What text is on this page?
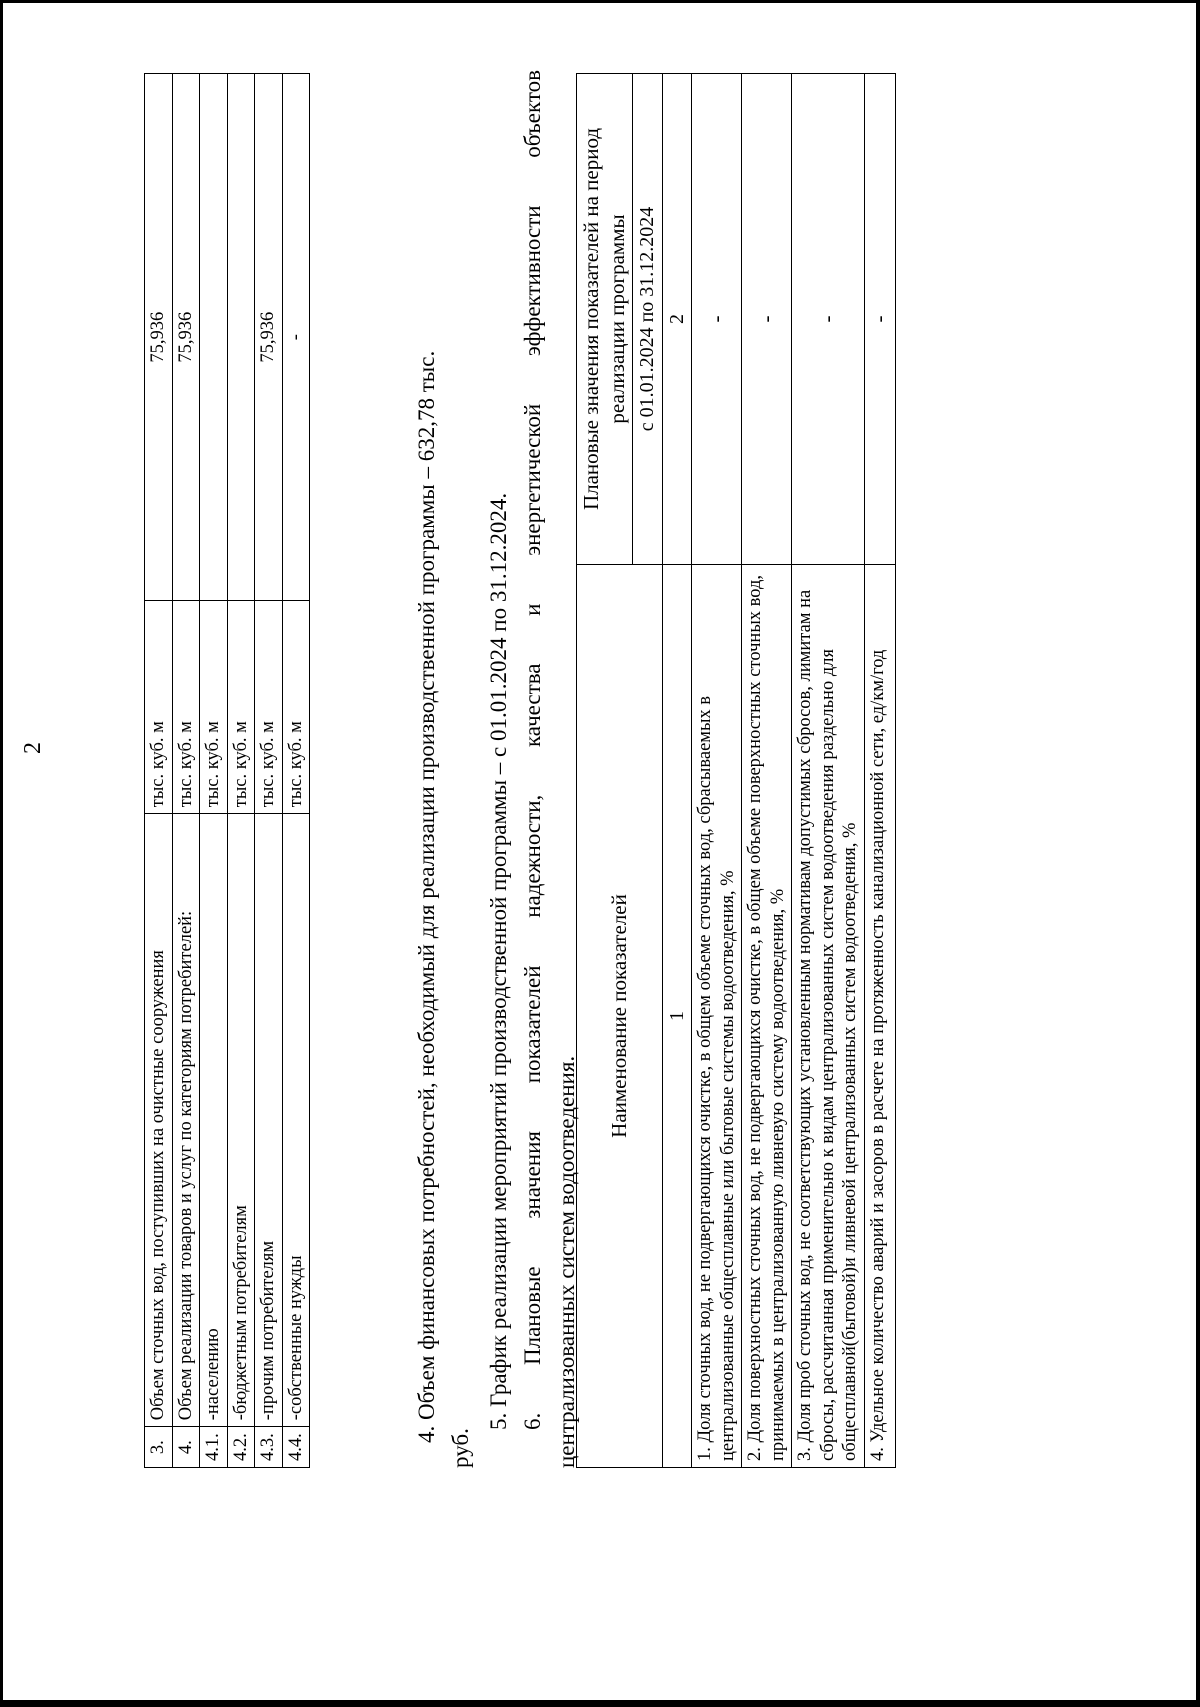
3.	Объем сточных вод, поступивших на очистные сооружения	тыс. куб. м	75,936
4.	Объем реализации товаров и услуг по категориям потребителей:	тыс. куб. м	75,936
4.1.	-населению	тыс. куб. м	
4.2.	-бюджетным потребителям	тыс. куб. м	
4.3.	-прочим потребителям	тыс. куб. м	75,936
4.4.	-собственные нужды	тыс. куб. м	-
4. Объем финансовых потребностей, необходимый для реализации производственной программы – 632,78 тыс.
руб.
5. График реализации мероприятий производственной программы – с 01.01.2024 по 31.12.2024. 6. Плановые значения показателей надежности, качества и энергетической эффективности объектов централизованных систем водоотведения.
Наименование показателей	Плановые значения показателей на период реализации программы
	с 01.01.2024 по 31.12.2024
1	2
1. Доля сточных вод, не подвергающихся очистке, в общем объеме сточных вод, сбрасываемых в централизованные общесплавные или бытовые системы водоотведения, %	-
2. Доля поверхностных сточных вод, не подвергающихся очистке, в общем объеме поверхностных сточных вод, принимаемых в централизованную ливневую систему водоотведения, %	-
3. Доля проб сточных вод, не соответствующих установленным нормативам допустимых сбросов, лимитам на сбросы, рассчитанная применительно к видам централизованных систем водоотведения раздельно для общесплавной(бытовой)и ливневой централизованных систем водоотведения, %	-
4. Удельное количество аварий и засоров в расчете на протяженность канализационной сети, ед/км/год	-
2
